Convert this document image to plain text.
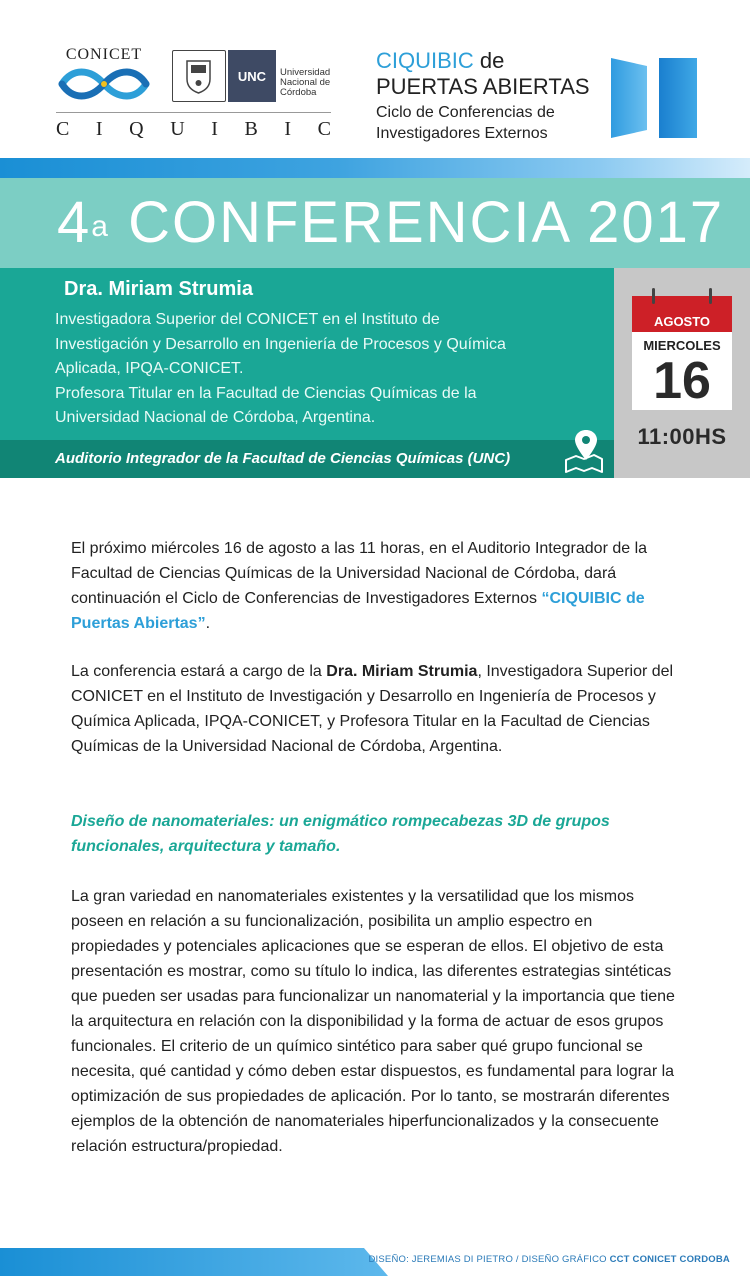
CONICET
UNC	Universidad Nacional de Córdoba
C I Q U I B I C
CIQUIBIC de
PUERTAS ABIERTAS
Ciclo de Conferencias de
Investigadores Externos
4$^a$ CONFERENCIA 2017
Dra. Miriam Strumia
Investigadora Superior del CONICET en el Instituto de
Investigación y Desarrollo en Ingeniería de Procesos y Química
Aplicada, IPQA-CONICET.
Profesora Titular en la Facultad de Ciencias Químicas de la
Universidad Nacional de Córdoba, Argentina.
Auditorio Integrador de la Facultad de Ciencias Químicas (UNC)
AGOSTO
MIERCOLES
16
11:00HS
El próximo miércoles 16 de agosto a las 11 horas, en el Auditorio Integrador de la Facultad de Ciencias Químicas de la Universidad Nacional de Córdoba, dará continuación el Ciclo de Conferencias de Investigadores Externos “CIQUIBIC de Puertas Abiertas”.
La conferencia estará a cargo de la Dra. Miriam Strumia, Investigadora Superior del CONICET en el Instituto de Investigación y Desarrollo en Ingeniería de Procesos y Química Aplicada, IPQA-CONICET, y Profesora Titular en la Facultad de Ciencias Químicas de la Universidad Nacional de Córdoba, Argentina.
Diseño de nanomateriales: un enigmático rompecabezas 3D de grupos funcionales, arquitectura y tamaño.
La gran variedad en nanomateriales existentes y la versatilidad que los mismos poseen en relación a su funcionalización, posibilita un amplio espectro en propiedades y potenciales aplicaciones que se esperan de ellos. El objetivo de esta presentación es mostrar, como su título lo indica, las diferentes estrategias sintéticas que pueden ser usadas para funcionalizar un nanomaterial y la importancia que tiene la arquitectura en relación con la disponibilidad y la forma de actuar de esos grupos funcionales. El criterio de un químico sintético para saber qué grupo funcional se necesita, qué cantidad y cómo deben estar dispuestos, es fundamental para lograr la optimización de sus propiedades de aplicación. Por lo tanto, se mostrarán diferentes ejemplos de la obtención de nanomateriales hiperfuncionalizados y la consecuente relación estructura/propiedad.
DISEÑO: JEREMIAS DI PIETRO / DISEÑO GRÁFICO CCT CONICET CORDOBA
